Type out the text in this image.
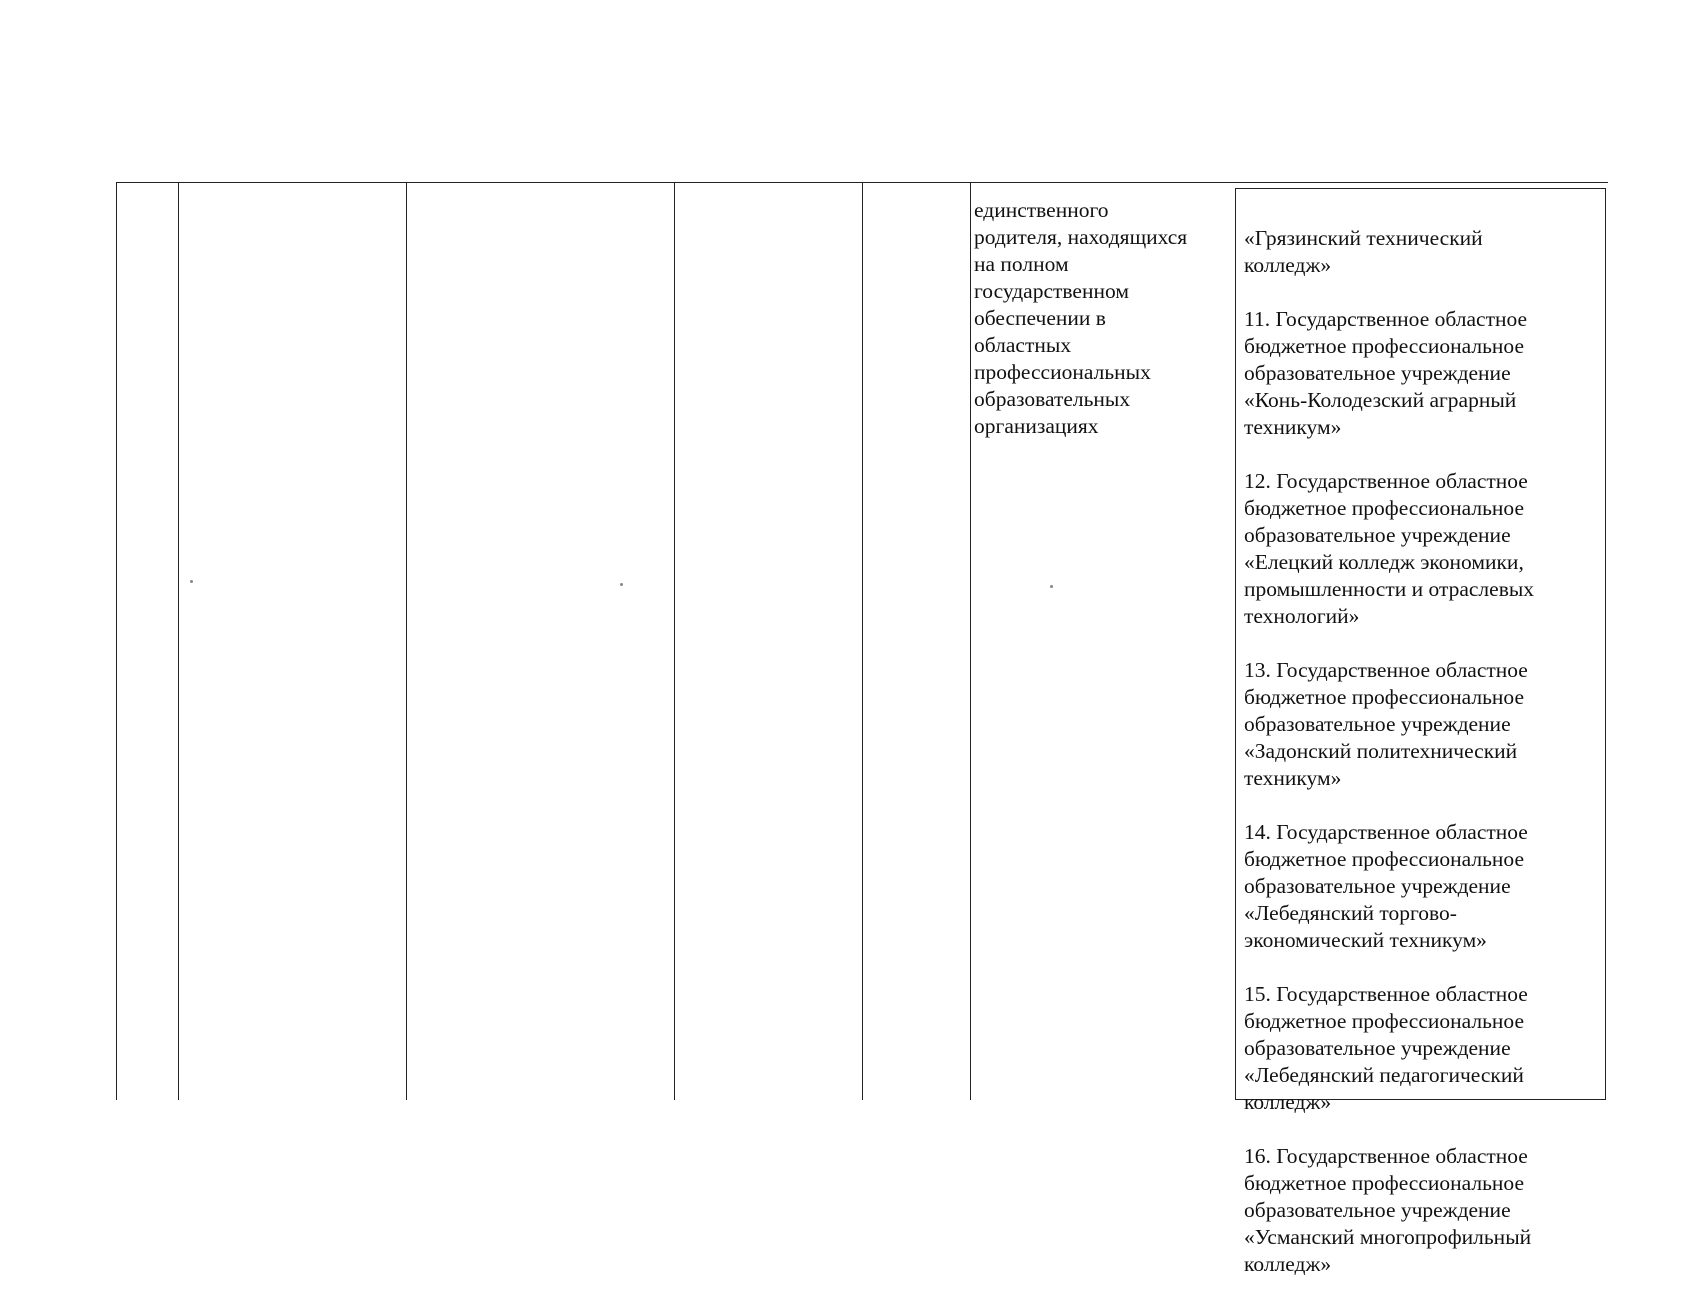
единственного
родителя, находящихся
на полном
государственном
обеспечении в
областных
профессиональных
образовательных
организациях

«Грязинский технический
колледж»

11. Государственное областное
бюджетное профессиональное
образовательное учреждение
«Конь-Колодезский аграрный
техникум»

12. Государственное областное
бюджетное профессиональное
образовательное учреждение
«Елецкий колледж экономики,
промышленности и отраслевых
технологий»

13. Государственное областное
бюджетное профессиональное
образовательное учреждение
«Задонский политехнический
техникум»

14. Государственное областное
бюджетное профессиональное
образовательное учреждение
«Лебедянский торгово-
экономический техникум»

15. Государственное областное
бюджетное профессиональное
образовательное учреждение
«Лебедянский педагогический
колледж»

16. Государственное областное
бюджетное профессиональное
образовательное учреждение
«Усманский многопрофильный
колледж»
